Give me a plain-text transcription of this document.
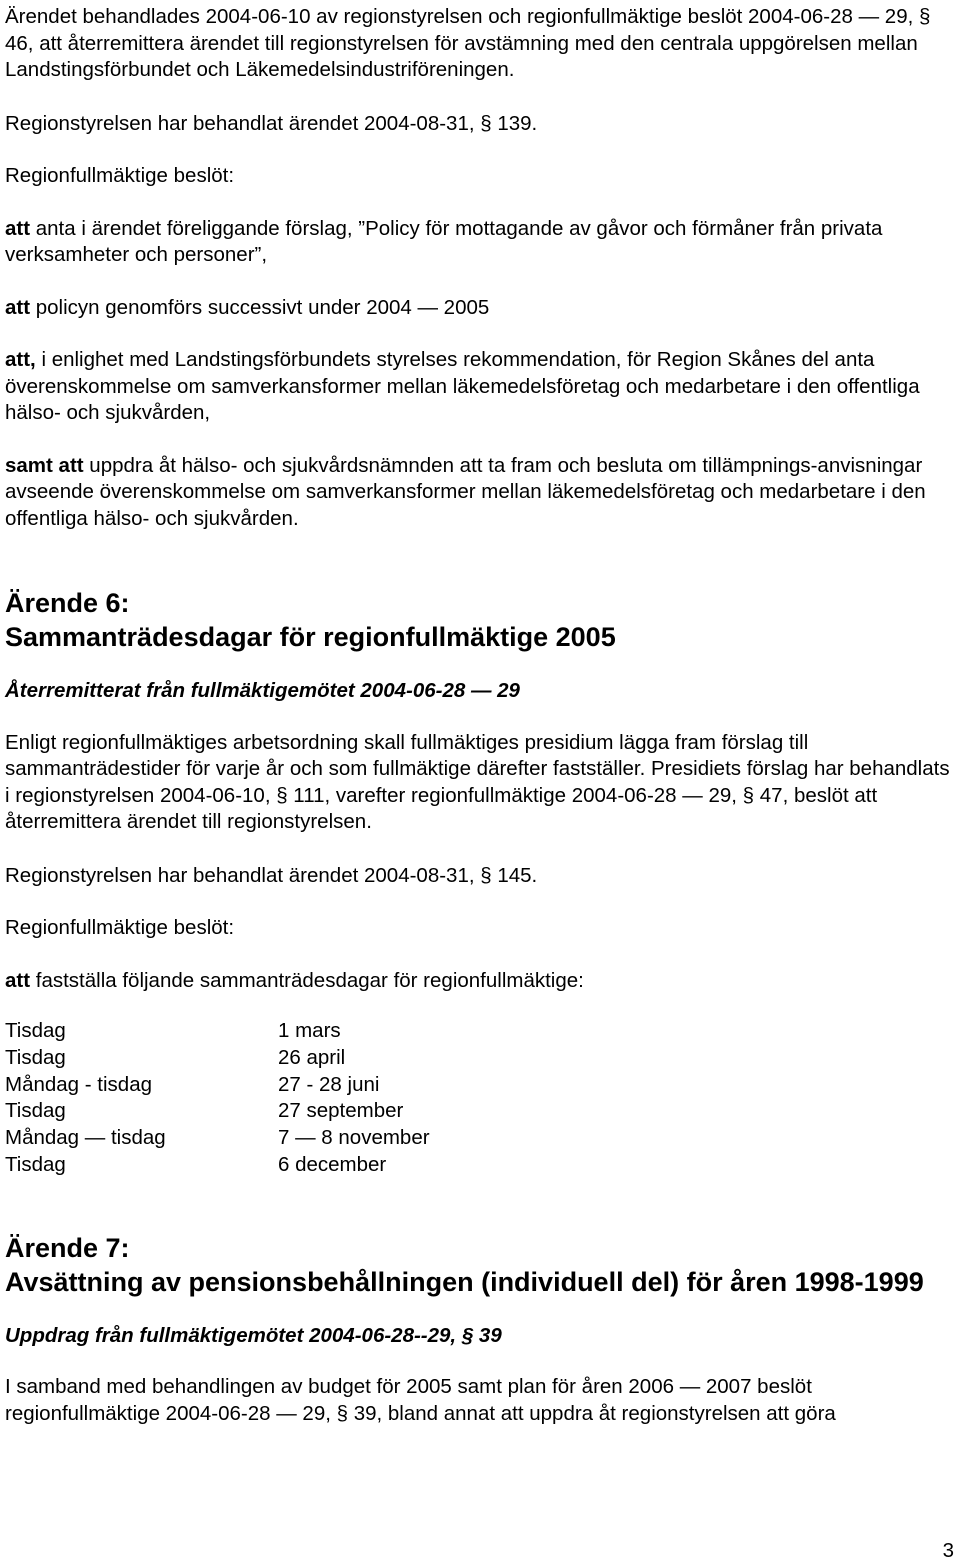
Ärendet behandlades 2004-06-10 av regionstyrelsen och regionfullmäktige beslöt 2004-06-28 — 29, § 46, att återremittera ärendet till regionstyrelsen för avstämning med den centrala uppgörelsen mellan Landstingsförbundet och Läkemedelsindustriföreningen.

Regionstyrelsen har behandlat ärendet 2004-08-31, § 139.

Regionfullmäktige beslöt:

att anta i ärendet föreliggande förslag, ”Policy för mottagande av gåvor och förmåner från privata verksamheter och personer”,

att policyn genomförs successivt under 2004 — 2005

att, i enlighet med Landstingsförbundets styrelses rekommendation, för Region Skånes del anta överenskommelse om samverkansformer mellan läkemedelsföretag och medarbetare i den offentliga hälso- och sjukvården,

samt att uppdra åt hälso- och sjukvårdsnämnden att ta fram och besluta om tillämpnings-anvisningar avseende överenskommelse om samverkansformer mellan läkemedelsföretag och medarbetare i den offentliga hälso- och sjukvården.

Ärende 6:

Sammanträdesdagar för regionfullmäktige 2005

Återremitterat från fullmäktigemötet 2004-06-28 — 29

Enligt regionfullmäktiges arbetsordning skall fullmäktiges presidium lägga fram förslag till sammanträdestider för varje år och som fullmäktige därefter fastställer. Presidiets förslag har behandlats i regionstyrelsen 2004-06-10, § 111, varefter regionfullmäktige 2004-06-28 — 29, § 47, beslöt att återremittera ärendet till regionstyrelsen.

Regionstyrelsen har behandlat ärendet 2004-08-31, § 145.

Regionfullmäktige beslöt:

att fastställa följande sammanträdesdagar för regionfullmäktige:

Tisdag	1 mars
Tisdag	26 april
Måndag - tisdag	27 - 28 juni
Tisdag	27 september
Måndag — tisdag	7 — 8 november
Tisdag	6 december

Ärende 7:

Avsättning av pensionsbehållningen (individuell del) för åren 1998-1999

Uppdrag från fullmäktigemötet 2004-06-28--29, § 39

I samband med behandlingen av budget för 2005 samt plan för åren 2006 — 2007 beslöt regionfullmäktige 2004-06-28 — 29, § 39, bland annat att uppdra åt regionstyrelsen att göra

3
